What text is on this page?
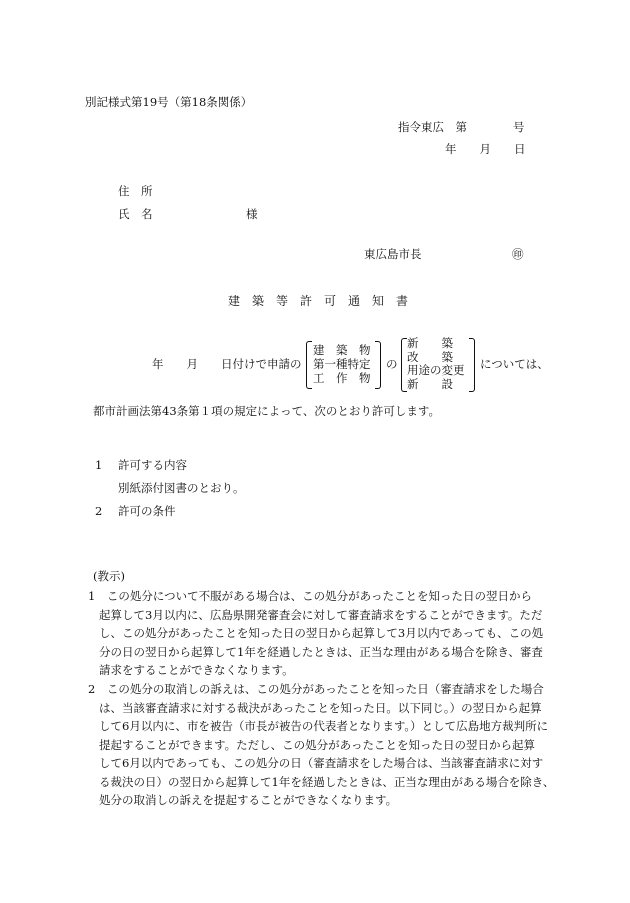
別記様式第19号（第18条関係）
指令東広　第　　　　号
年　　月　　日
住　所
氏　名	様
東広島市長	㊞
建　築　等　許　可　通　知　書
年　　月　　日付けで申請の
建　築　物
第一種特定
工　作　物
の
新　　築
改　　築
用途の変更
新　　設
については、
都市計画法第43条第１項の規定によって、次のとおり許可します。
1 許可する内容
別紙添付図書のとおり。
2 許可の条件
(教示)
1　この処分について不服がある場合は、この処分があったことを知った日の翌日から
起算して3月以内に、広島県開発審査会に対して審査請求をすることができます。ただ
し、この処分があったことを知った日の翌日から起算して3月以内であっても、この処
分の日の翌日から起算して1年を経過したときは、正当な理由がある場合を除き、審査
請求をすることができなくなります。
2　この処分の取消しの訴えは、この処分があったことを知った日（審査請求をした場合
は、当該審査請求に対する裁決があったことを知った日。以下同じ。）の翌日から起算
して6月以内に、市を被告（市長が被告の代表者となります。）として広島地方裁判所に
提起することができます。ただし、この処分があったことを知った日の翌日から起算
して6月以内であっても、この処分の日（審査請求をした場合は、当該審査請求に対す
る裁決の日）の翌日から起算して1年を経過したときは、正当な理由がある場合を除き、
処分の取消しの訴えを提起することができなくなります。
